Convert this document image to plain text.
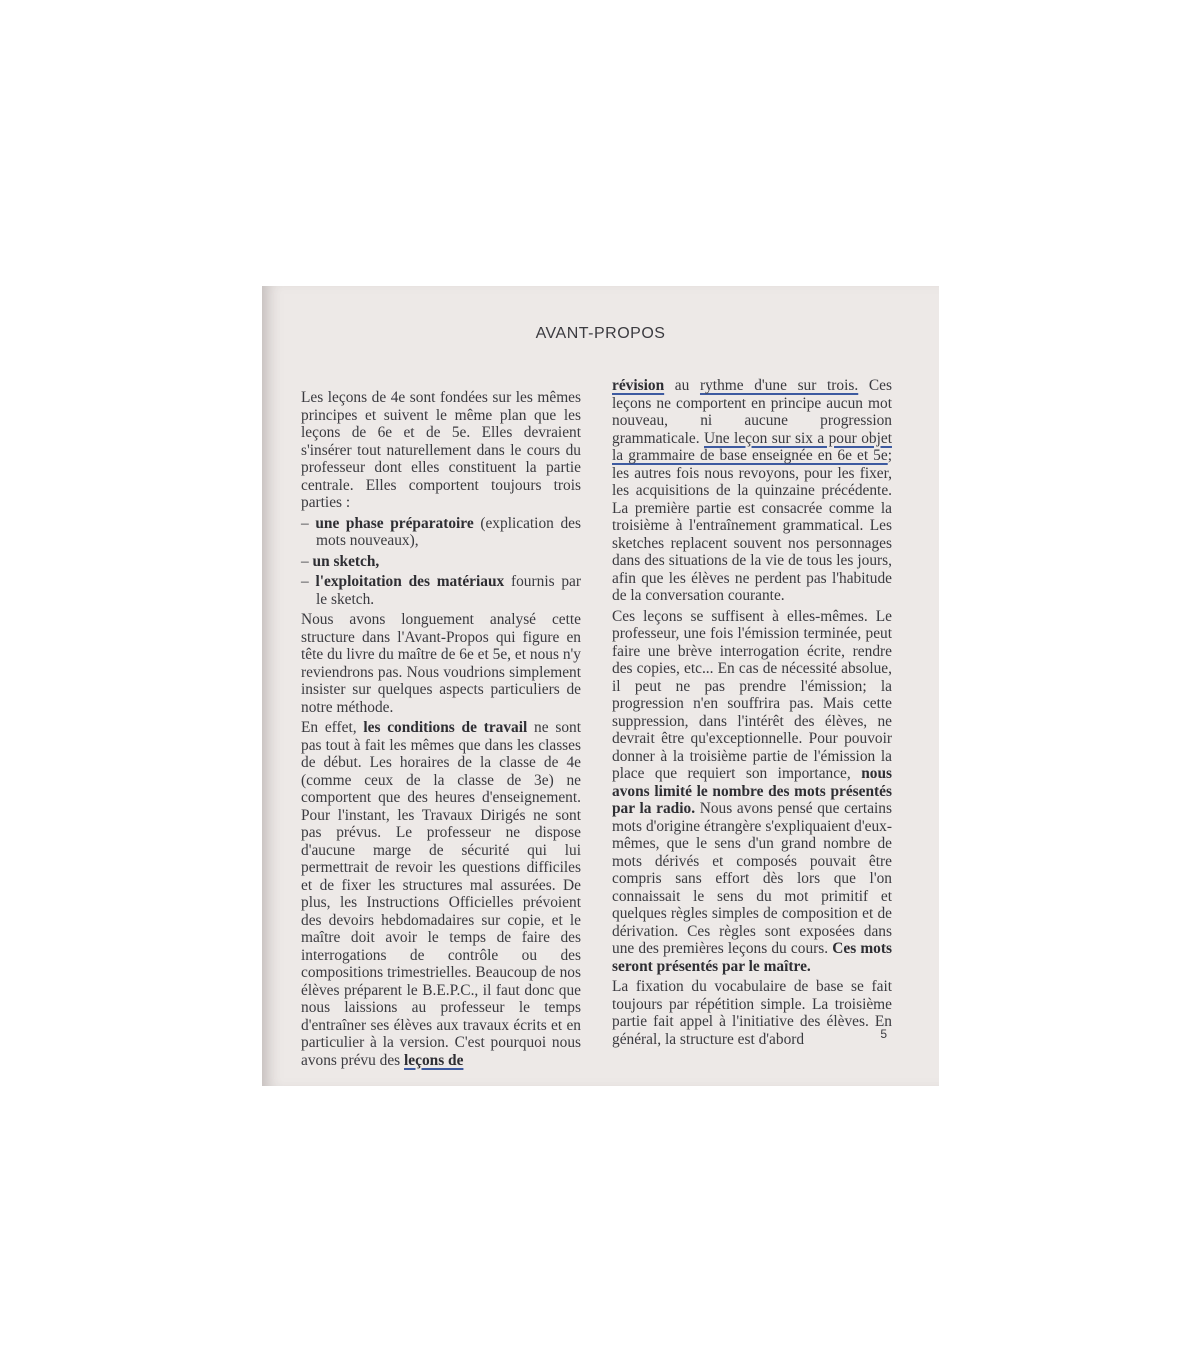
AVANT-PROPOS

Les leçons de 4e sont fondées sur les mêmes principes et suivent le même plan que les leçons de 6e et de 5e. Elles devraient s'insérer tout naturellement dans le cours du professeur dont elles constituent la partie centrale. Elles comportent toujours trois parties :

– une phase préparatoire (explication des mots nouveaux),

– un sketch,

– l'exploitation des matériaux fournis par le sketch.

Nous avons longuement analysé cette structure dans l'Avant-Propos qui figure en tête du livre du maître de 6e et 5e, et nous n'y reviendrons pas. Nous voudrions simplement insister sur quelques aspects particuliers de notre méthode.

En effet, les conditions de travail ne sont pas tout à fait les mêmes que dans les classes de début. Les horaires de la classe de 4e (comme ceux de la classe de 3e) ne comportent que des heures d'enseignement. Pour l'instant, les Travaux Dirigés ne sont pas prévus. Le professeur ne dispose d'aucune marge de sécurité qui lui permettrait de revoir les questions difficiles et de fixer les structures mal assurées. De plus, les Instructions Officielles prévoient des devoirs hebdomadaires sur copie, et le maître doit avoir le temps de faire des interrogations de contrôle ou des compositions trimestrielles. Beaucoup de nos élèves préparent le B.E.P.C., il faut donc que nous laissions au professeur le temps d'entraîner ses élèves aux travaux écrits et en particulier à la version. C'est pourquoi nous avons prévu des leçons de

révision au rythme d'une sur trois. Ces leçons ne comportent en principe aucun mot nouveau, ni aucune progression grammaticale. Une leçon sur six a pour objet la grammaire de base enseignée en 6e et 5e; les autres fois nous revoyons, pour les fixer, les acquisitions de la quinzaine précédente. La première partie est consacrée comme la troisième à l'entraînement grammatical. Les sketches replacent souvent nos personnages dans des situations de la vie de tous les jours, afin que les élèves ne perdent pas l'habitude de la conversation courante.

Ces leçons se suffisent à elles-mêmes. Le professeur, une fois l'émission terminée, peut faire une brève interrogation écrite, rendre des copies, etc... En cas de nécessité absolue, il peut ne pas prendre l'émission; la progression n'en souffrira pas. Mais cette suppression, dans l'intérêt des élèves, ne devrait être qu'exceptionnelle. Pour pouvoir donner à la troisième partie de l'émission la place que requiert son importance, nous avons limité le nombre des mots présentés par la radio. Nous avons pensé que certains mots d'origine étrangère s'expliquaient d'eux-mêmes, que le sens d'un grand nombre de mots dérivés et composés pouvait être compris sans effort dès lors que l'on connaissait le sens du mot primitif et quelques règles simples de composition et de dérivation. Ces règles sont exposées dans une des premières leçons du cours. Ces mots seront présentés par le maître.

La fixation du vocabulaire de base se fait toujours par répétition simple. La troisième partie fait appel à l'initiative des élèves. En général, la structure est d'abord	5
